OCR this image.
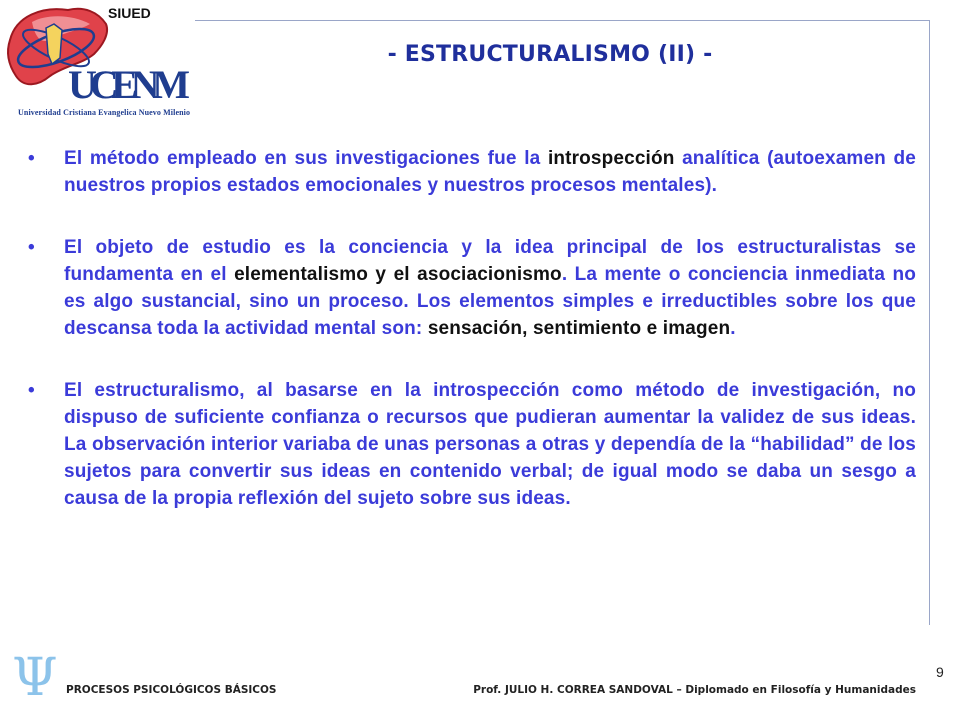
SIUED
UCENM
Universidad Cristiana Evangelica Nuevo Milenio
- ESTRUCTURALISMO (II) -
• El método empleado en sus investigaciones fue la introspección analítica (autoexamen de nuestros propios estados emocionales y nuestros procesos mentales).

• El objeto de estudio es la conciencia y la idea principal de los estructuralistas se fundamenta en el elementalismo y el asociacionismo. La mente o conciencia inmediata no es algo sustancial, sino un proceso. Los elementos simples e irreductibles sobre los que descansa toda la actividad mental son: sensación, sentimiento e imagen.

• El estructuralismo, al basarse en la introspección como método de investigación, no dispuso de suficiente confianza o recursos que pudieran aumentar la validez de sus ideas. La observación interior variaba de unas personas a otras y dependía de la “habilidad” de los sujetos para convertir sus ideas en contenido verbal; de igual modo se daba un sesgo a causa de la propia reflexión del sujeto sobre sus ideas.

Ψ PROCESOS PSICOLÓGICOS BÁSICOS	Prof. JULIO H. CORREA SANDOVAL – Diplomado en Filosofía y Humanidades
9
